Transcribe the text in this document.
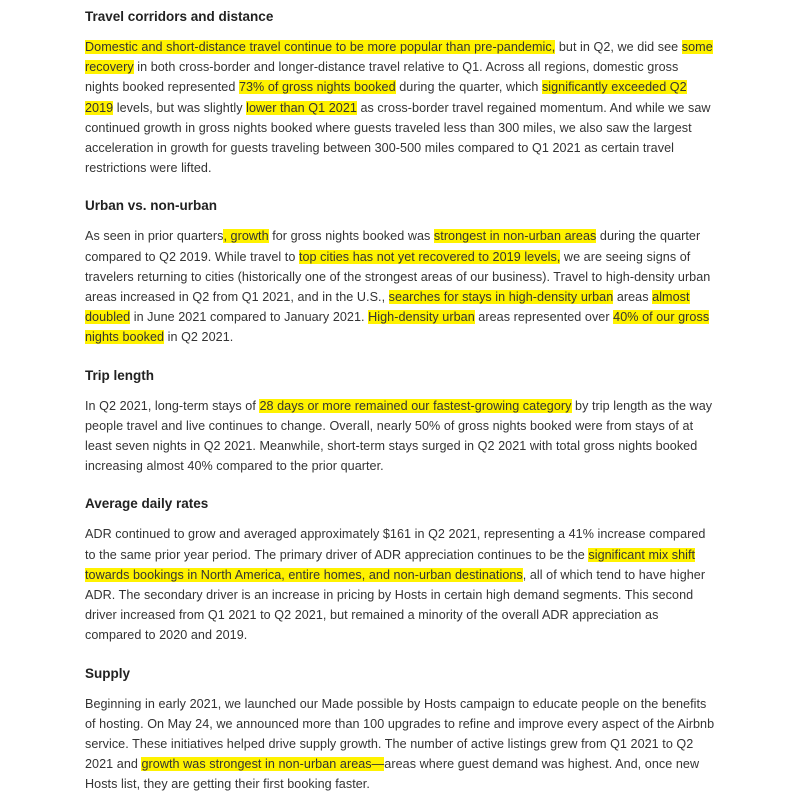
Travel corridors and distance

Domestic and short-distance travel continue to be more popular than pre-pandemic, but in Q2, we did see some recovery in both cross-border and longer-distance travel relative to Q1. Across all regions, domestic gross nights booked represented 73% of gross nights booked during the quarter, which significantly exceeded Q2 2019 levels, but was slightly lower than Q1 2021 as cross-border travel regained momentum. And while we saw continued growth in gross nights booked where guests traveled less than 300 miles, we also saw the largest acceleration in growth for guests traveling between 300-500 miles compared to Q1 2021 as certain travel restrictions were lifted.

Urban vs. non-urban

As seen in prior quarters, growth for gross nights booked was strongest in non-urban areas during the quarter compared to Q2 2019. While travel to top cities has not yet recovered to 2019 levels, we are seeing signs of travelers returning to cities (historically one of the strongest areas of our business). Travel to high-density urban areas increased in Q2 from Q1 2021, and in the U.S., searches for stays in high-density urban areas almost doubled in June 2021 compared to January 2021. High-density urban areas represented over 40% of our gross nights booked in Q2 2021.

Trip length

In Q2 2021, long-term stays of 28 days or more remained our fastest-growing category by trip length as the way people travel and live continues to change. Overall, nearly 50% of gross nights booked were from stays of at least seven nights in Q2 2021. Meanwhile, short-term stays surged in Q2 2021 with total gross nights booked increasing almost 40% compared to the prior quarter.

Average daily rates

ADR continued to grow and averaged approximately $161 in Q2 2021, representing a 41% increase compared to the same prior year period. The primary driver of ADR appreciation continues to be the significant mix shift towards bookings in North America, entire homes, and non-urban destinations, all of which tend to have higher ADR. The secondary driver is an increase in pricing by Hosts in certain high demand segments. This second driver increased from Q1 2021 to Q2 2021, but remained a minority of the overall ADR appreciation as compared to 2020 and 2019.

Supply

Beginning in early 2021, we launched our Made possible by Hosts campaign to educate people on the benefits of hosting. On May 24, we announced more than 100 upgrades to refine and improve every aspect of the Airbnb service. These initiatives helped drive supply growth. The number of active listings grew from Q1 2021 to Q2 2021 and growth was strongest in non-urban areas—areas where guest demand was highest. And, once new Hosts list, they are getting their first booking faster.
